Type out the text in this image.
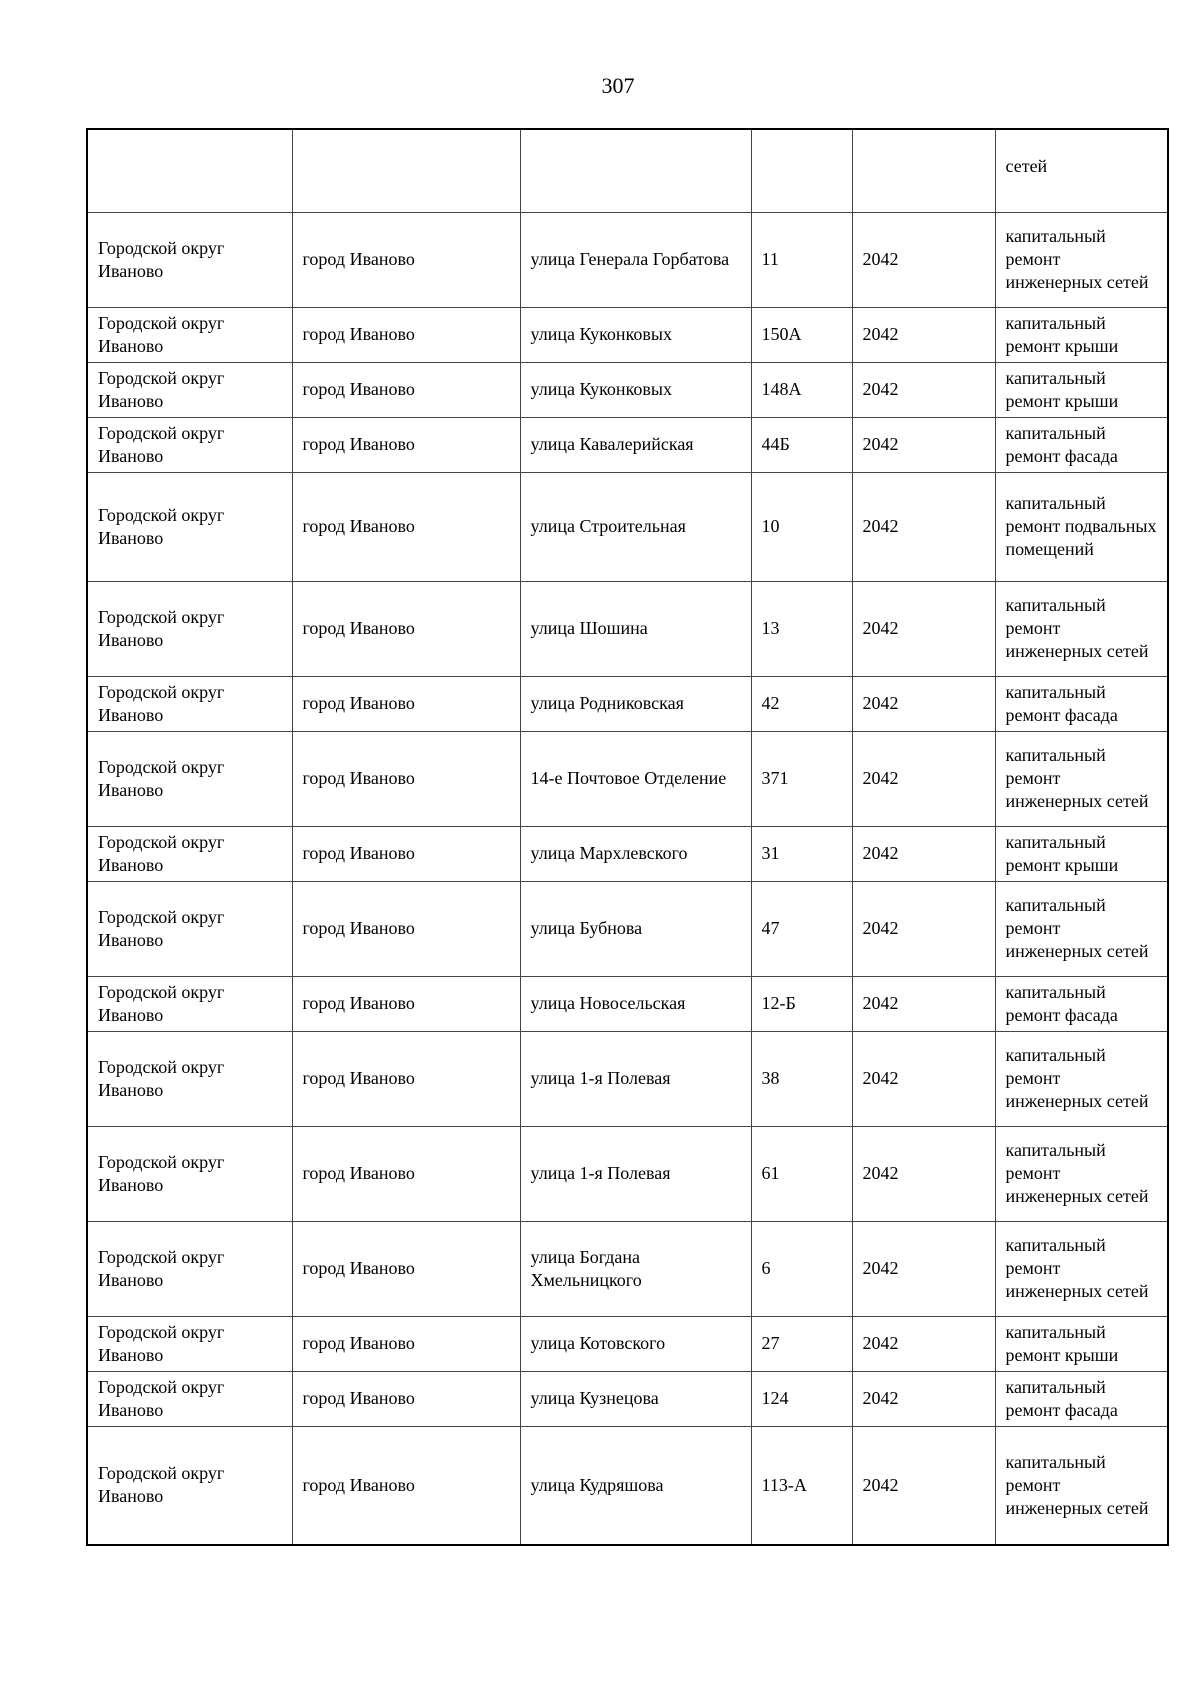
307
					сетей
Городской округ Иваново	город Иваново	улица Генерала Горбатова	11	2042	капитальный ремонт инженерных сетей
Городской округ Иваново	город Иваново	улица Куконковых	150А	2042	капитальный ремонт крыши
Городской округ Иваново	город Иваново	улица Куконковых	148А	2042	капитальный ремонт крыши
Городской округ Иваново	город Иваново	улица Кавалерийская	44Б	2042	капитальный ремонт фасада
Городской округ Иваново	город Иваново	улица Строительная	10	2042	капитальный ремонт подвальных помещений
Городской округ Иваново	город Иваново	улица Шошина	13	2042	капитальный ремонт инженерных сетей
Городской округ Иваново	город Иваново	улица Родниковская	42	2042	капитальный ремонт фасада
Городской округ Иваново	город Иваново	14-е Почтовое Отделение	371	2042	капитальный ремонт инженерных сетей
Городской округ Иваново	город Иваново	улица Мархлевского	31	2042	капитальный ремонт крыши
Городской округ Иваново	город Иваново	улица Бубнова	47	2042	капитальный ремонт инженерных сетей
Городской округ Иваново	город Иваново	улица Новосельская	12-Б	2042	капитальный ремонт фасада
Городской округ Иваново	город Иваново	улица 1-я Полевая	38	2042	капитальный ремонт инженерных сетей
Городской округ Иваново	город Иваново	улица 1-я Полевая	61	2042	капитальный ремонт инженерных сетей
Городской округ Иваново	город Иваново	улица Богдана Хмельницкого	6	2042	капитальный ремонт инженерных сетей
Городской округ Иваново	город Иваново	улица Котовского	27	2042	капитальный ремонт крыши
Городской округ Иваново	город Иваново	улица Кузнецова	124	2042	капитальный ремонт фасада
Городской округ Иваново	город Иваново	улица Кудряшова	113-А	2042	капитальный ремонт инженерных сетей
